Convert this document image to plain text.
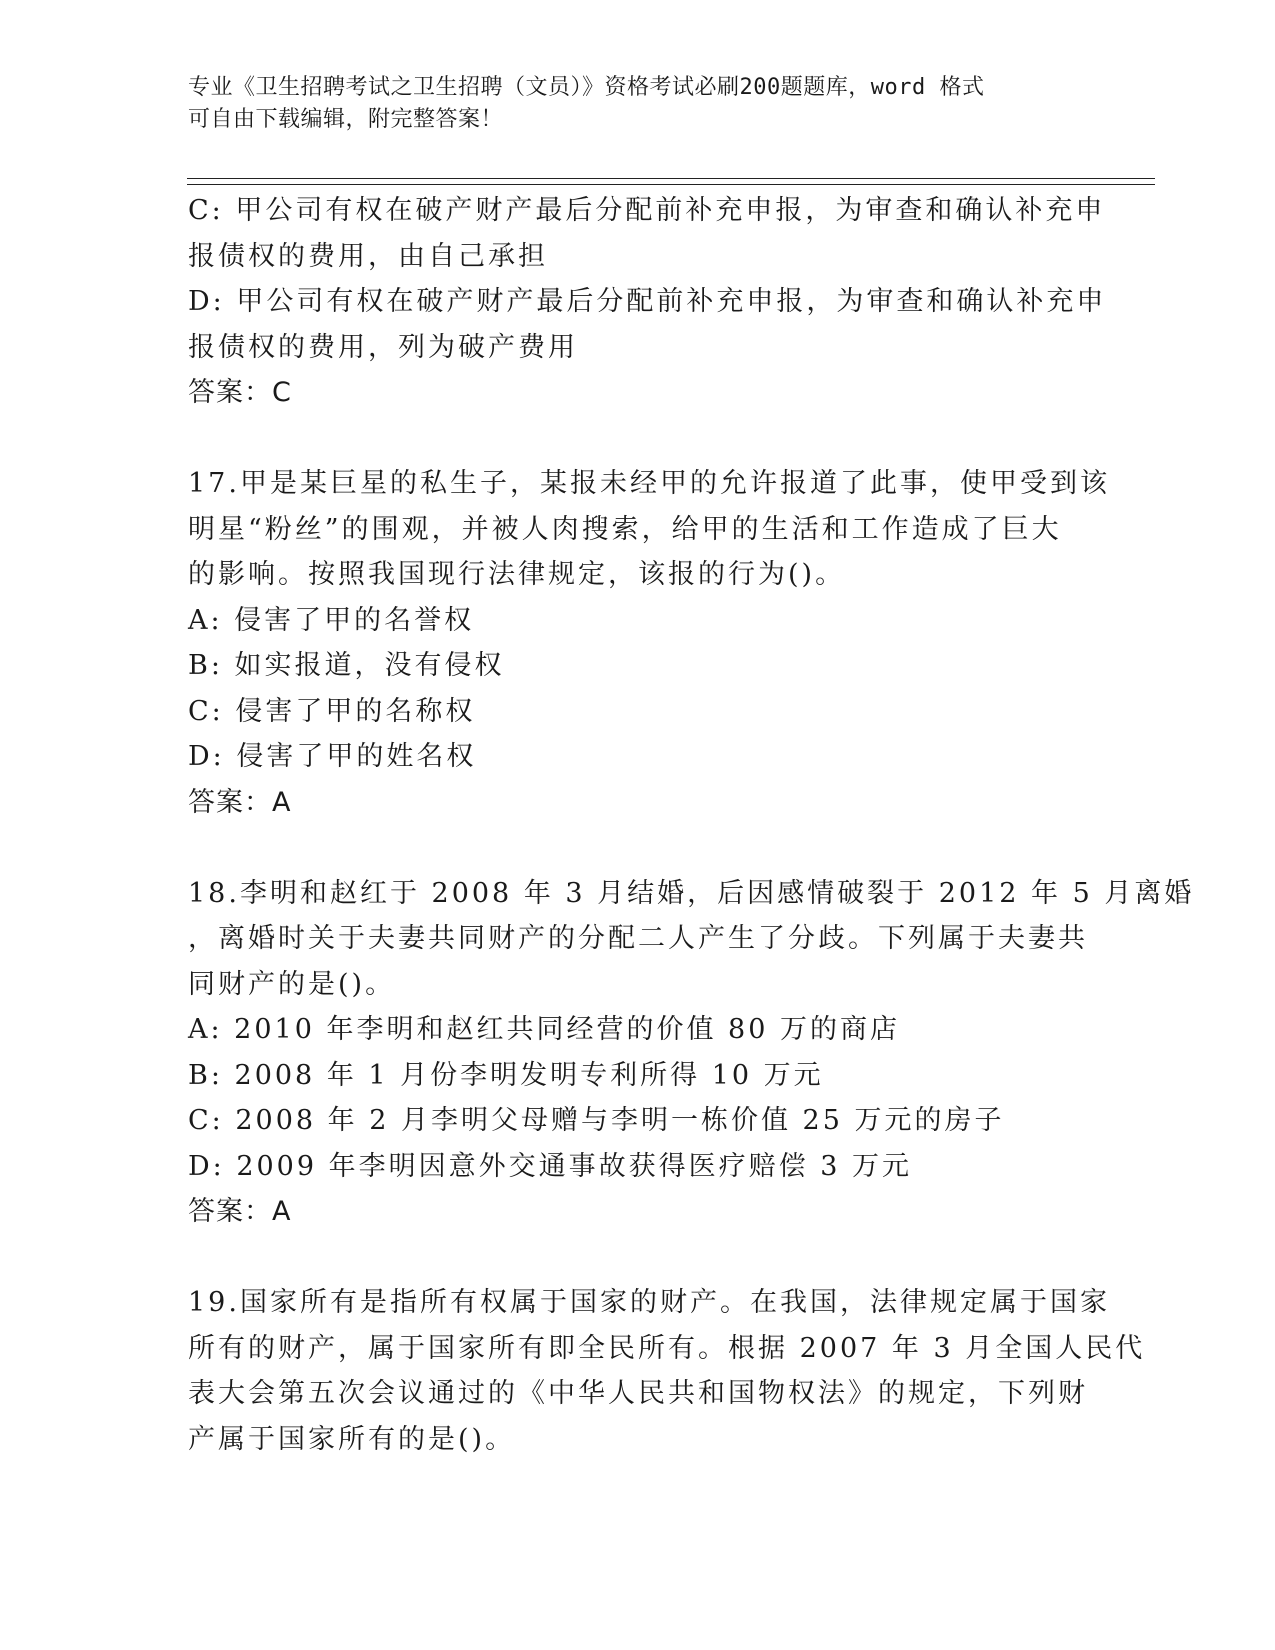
专业《卫生招聘考试之卫生招聘（文员）》资格考试必刷200题题库，word 格式
可自由下载编辑，附完整答案！
C: 甲公司有权在破产财产最后分配前补充申报，为审查和确认补充申
报债权的费用，由自己承担
D: 甲公司有权在破产财产最后分配前补充申报，为审查和确认补充申
报债权的费用，列为破产费用
答案：C
17.甲是某巨星的私生子，某报未经甲的允许报道了此事，使甲受到该
明星“粉丝”的围观，并被人肉搜索，给甲的生活和工作造成了巨大
的影响。按照我国现行法律规定，该报的行为()。
A: 侵害了甲的名誉权
B: 如实报道，没有侵权
C: 侵害了甲的名称权
D: 侵害了甲的姓名权
答案：A
18.李明和赵红于 2008 年 3 月结婚，后因感情破裂于 2012 年 5 月离婚
，离婚时关于夫妻共同财产的分配二人产生了分歧。下列属于夫妻共
同财产的是()。
A: 2010 年李明和赵红共同经营的价值 80 万的商店
B: 2008 年 1 月份李明发明专利所得 10 万元
C: 2008 年 2 月李明父母赠与李明一栋价值 25 万元的房子
D: 2009 年李明因意外交通事故获得医疗赔偿 3 万元
答案：A
19.国家所有是指所有权属于国家的财产。在我国，法律规定属于国家
所有的财产，属于国家所有即全民所有。根据 2007 年 3 月全国人民代
表大会第五次会议通过的《中华人民共和国物权法》的规定，下列财
产属于国家所有的是()。
